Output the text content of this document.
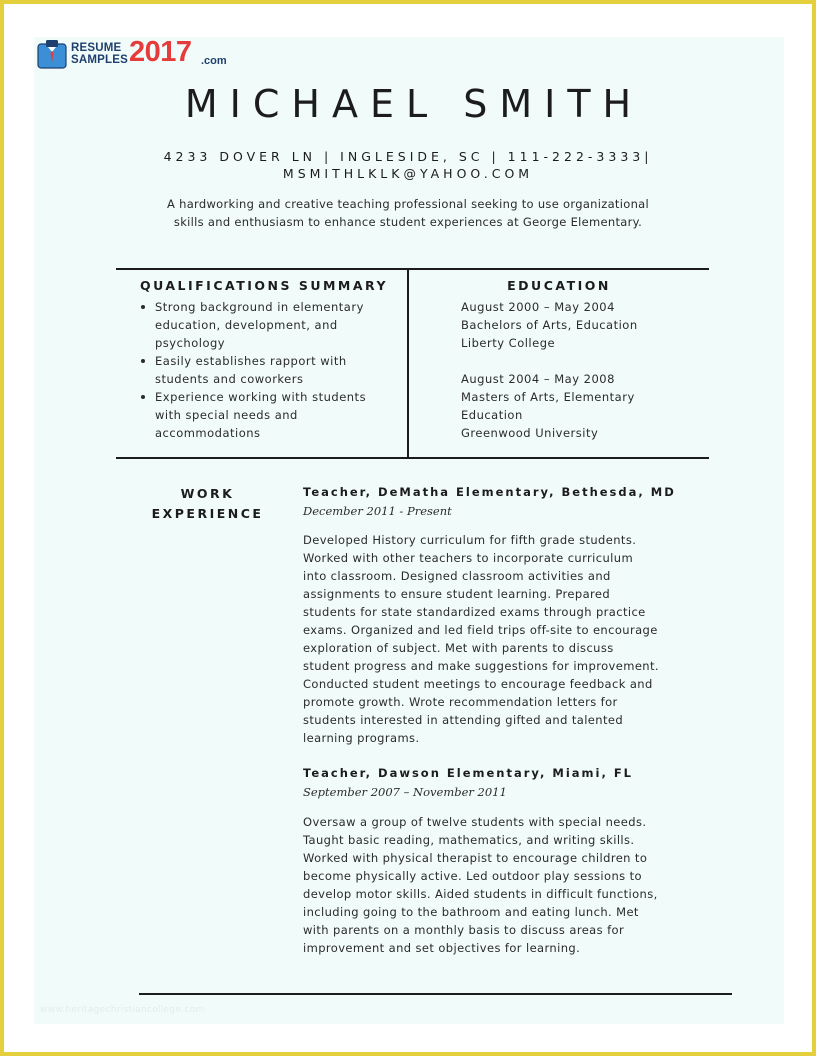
RESUME
SAMPLES 2017 .com
MICHAEL SMITH
4233 DOVER LN | INGLESIDE, SC | 111-222-3333|
MSMITHLKLK@YAHOO.COM
A hardworking and creative teaching professional seeking to use organizational
skills and enthusiasm to enhance student experiences at George Elementary.
QUALIFICATIONS SUMMARY
Strong background in elementary
education, development, and
psychology
Easily establishes rapport with
students and coworkers
Experience working with students
with special needs and
accommodations
EDUCATION
August 2000 – May 2004
Bachelors of Arts, Education
Liberty College
August 2004 – May 2008
Masters of Arts, Elementary
Education
Greenwood University
WORK
EXPERIENCE
Teacher, DeMatha Elementary, Bethesda, MD
December 2011 - Present
Developed History curriculum for fifth grade students.
Worked with other teachers to incorporate curriculum
into classroom. Designed classroom activities and
assignments to ensure student learning. Prepared
students for state standardized exams through practice
exams. Organized and led field trips off-site to encourage
exploration of subject. Met with parents to discuss
student progress and make suggestions for improvement.
Conducted student meetings to encourage feedback and
promote growth. Wrote recommendation letters for
students interested in attending gifted and talented
learning programs.
Teacher, Dawson Elementary, Miami, FL
September 2007 – November 2011
Oversaw a group of twelve students with special needs.
Taught basic reading, mathematics, and writing skills.
Worked with physical therapist to encourage children to
become physically active. Led outdoor play sessions to
develop motor skills. Aided students in difficult functions,
including going to the bathroom and eating lunch. Met
with parents on a monthly basis to discuss areas for
improvement and set objectives for learning.
www.heritagechristiancollege.com
